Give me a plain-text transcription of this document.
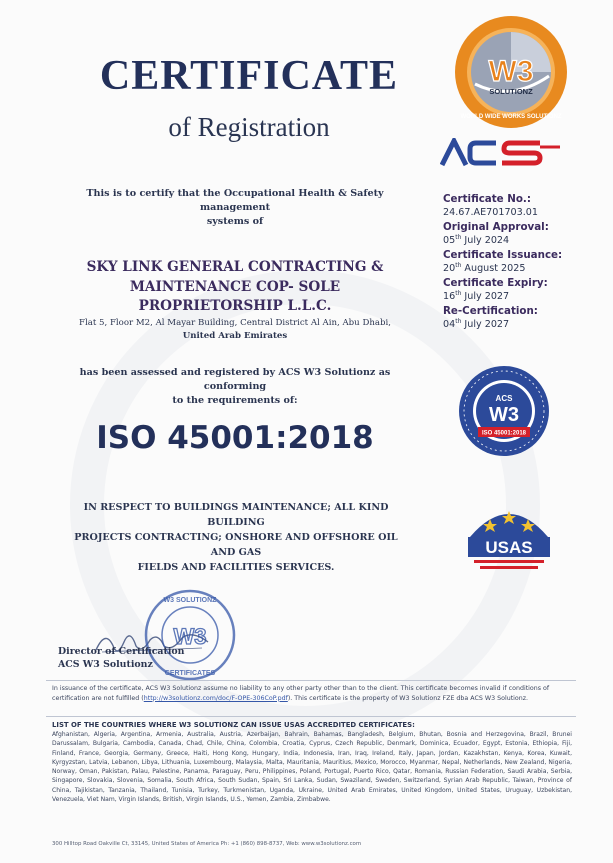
CERTIFICATE
of Registration
W3
SOLUTIONZ
WORLD WIDE WORKS SOLUTIONZ
This is to certify that the Occupational Health & Safety management
systems of
SKY LINK GENERAL CONTRACTING &
MAINTENANCE COP- SOLE
PROPRIETORSHIP L.L.C.
Flat 5, Floor M2, Al Mayar Building, Central District Al Ain, Abu Dhabi,
United Arab Emirates
has been assessed and registered by ACS W3 Solutionz as conforming
to the requirements of:
ISO 45001:2018
IN RESPECT TO BUILDINGS MAINTENANCE; ALL KIND BUILDING
PROJECTS CONTRACTING; ONSHORE AND OFFSHORE OIL AND GAS
FIELDS AND FACILITIES SERVICES.
Certificate No.:
24.67.AE701703.01
Original Approval:
05th July 2024
Certificate Issuance:
20th August 2025
Certificate Expiry:
16th July 2027
Re-Certification:
04th July 2027
ACS
W3
ISO 45001:2018
USAS
W3
W3 SOLUTIONZ
CERTIFICATES
Director of Certification
ACS W3 Solutionz
In issuance of the certificate, ACS W3 Solutionz assume no liability to any other party other than to the client. This certificate becomes invalid if conditions of certification are not fulfilled (http://w3solutionz.com/doc/F-OPE-306CoP.pdf). This certificate is the property of W3 Solutionz FZE dba ACS W3 Solutionz.
LIST OF THE COUNTRIES WHERE W3 SOLUTIONZ CAN ISSUE USAS ACCREDITED CERTIFICATES:
Afghanistan, Algeria, Argentina, Armenia, Australia, Austria, Azerbaijan, Bahrain, Bahamas, Bangladesh, Belgium, Bhutan, Bosnia and Herzegovina, Brazil, Brunei Darussalam, Bulgaria, Cambodia, Canada, Chad, Chile, China, Colombia, Croatia, Cyprus, Czech Republic, Denmark, Dominica, Ecuador, Egypt, Estonia, Ethiopia, Fiji, Finland, France, Georgia, Germany, Greece, Haiti, Hong Kong, Hungary, India, Indonesia, Iran, Iraq, Ireland, Italy, Japan, Jordan, Kazakhstan, Kenya, Korea, Kuwait, Kyrgyzstan, Latvia, Lebanon, Libya, Lithuania, Luxembourg, Malaysia, Malta, Mauritania, Mauritius, Mexico, Morocco, Myanmar, Nepal, Netherlands, New Zealand, Nigeria, Norway, Oman, Pakistan, Palau, Palestine, Panama, Paraguay, Peru, Philippines, Poland, Portugal, Puerto Rico, Qatar, Romania, Russian Federation, Saudi Arabia, Serbia, Singapore, Slovakia, Slovenia, Somalia, South Africa, South Sudan, Spain, Sri Lanka, Sudan, Swaziland, Sweden, Switzerland, Syrian Arab Republic, Taiwan, Province of China, Tajikistan, Tanzania, Thailand, Tunisia, Turkey, Turkmenistan, Uganda, Ukraine, United Arab Emirates, United Kingdom, United States, Uruguay, Uzbekistan, Venezuela, Viet Nam, Virgin Islands, British, Virgin Islands, U.S., Yemen, Zambia, Zimbabwe.
300 Hilltop Road Oakville Ct, 33145, United States of America Ph: +1 (860) 898-8737, Web: www.w3solutionz.com
